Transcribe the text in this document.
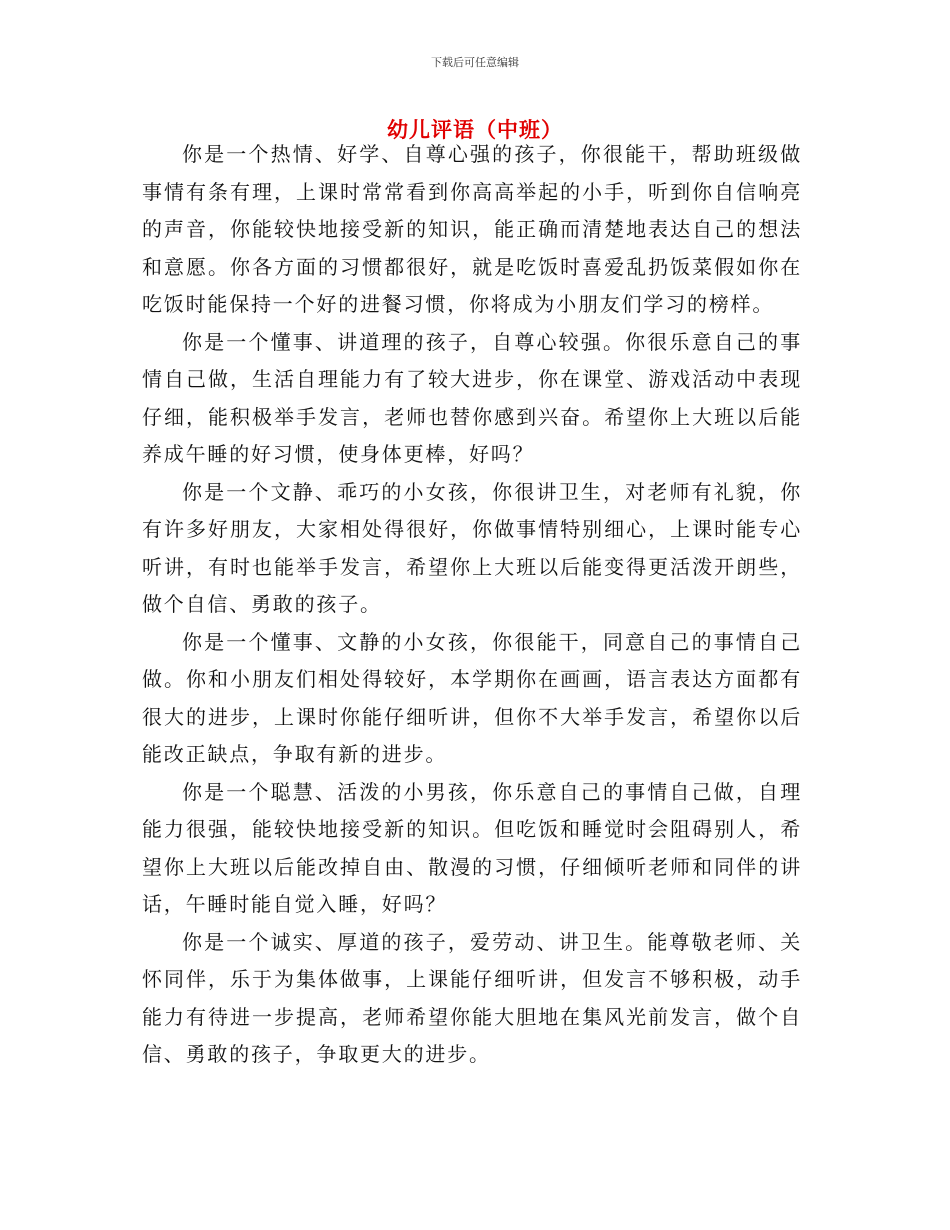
下载后可任意编辑
幼儿评语（中班）

你是一个热情、好学、自尊心强的孩子，你很能干，帮助班级做事情有条有理，上课时常常看到你高高举起的小手，听到你自信响亮的声音，你能较快地接受新的知识，能正确而清楚地表达自己的想法和意愿。你各方面的习惯都很好，就是吃饭时喜爱乱扔饭菜假如你在吃饭时能保持一个好的进餐习惯，你将成为小朋友们学习的榜样。

你是一个懂事、讲道理的孩子，自尊心较强。你很乐意自己的事情自己做，生活自理能力有了较大进步，你在课堂、游戏活动中表现仔细，能积极举手发言，老师也替你感到兴奋。希望你上大班以后能养成午睡的好习惯，使身体更棒，好吗？

你是一个文静、乖巧的小女孩，你很讲卫生，对老师有礼貌，你有许多好朋友，大家相处得很好，你做事情特别细心，上课时能专心听讲，有时也能举手发言，希望你上大班以后能变得更活泼开朗些，做个自信、勇敢的孩子。

你是一个懂事、文静的小女孩，你很能干，同意自己的事情自己做。你和小朋友们相处得较好，本学期你在画画，语言表达方面都有很大的进步，上课时你能仔细听讲，但你不大举手发言，希望你以后能改正缺点，争取有新的进步。

你是一个聪慧、活泼的小男孩，你乐意自己的事情自己做，自理能力很强，能较快地接受新的知识。但吃饭和睡觉时会阻碍别人，希望你上大班以后能改掉自由、散漫的习惯，仔细倾听老师和同伴的讲话，午睡时能自觉入睡，好吗？

你是一个诚实、厚道的孩子，爱劳动、讲卫生。能尊敬老师、关怀同伴，乐于为集体做事，上课能仔细听讲，但发言不够积极，动手能力有待进一步提高，老师希望你能大胆地在集风光前发言，做个自信、勇敢的孩子，争取更大的进步。
